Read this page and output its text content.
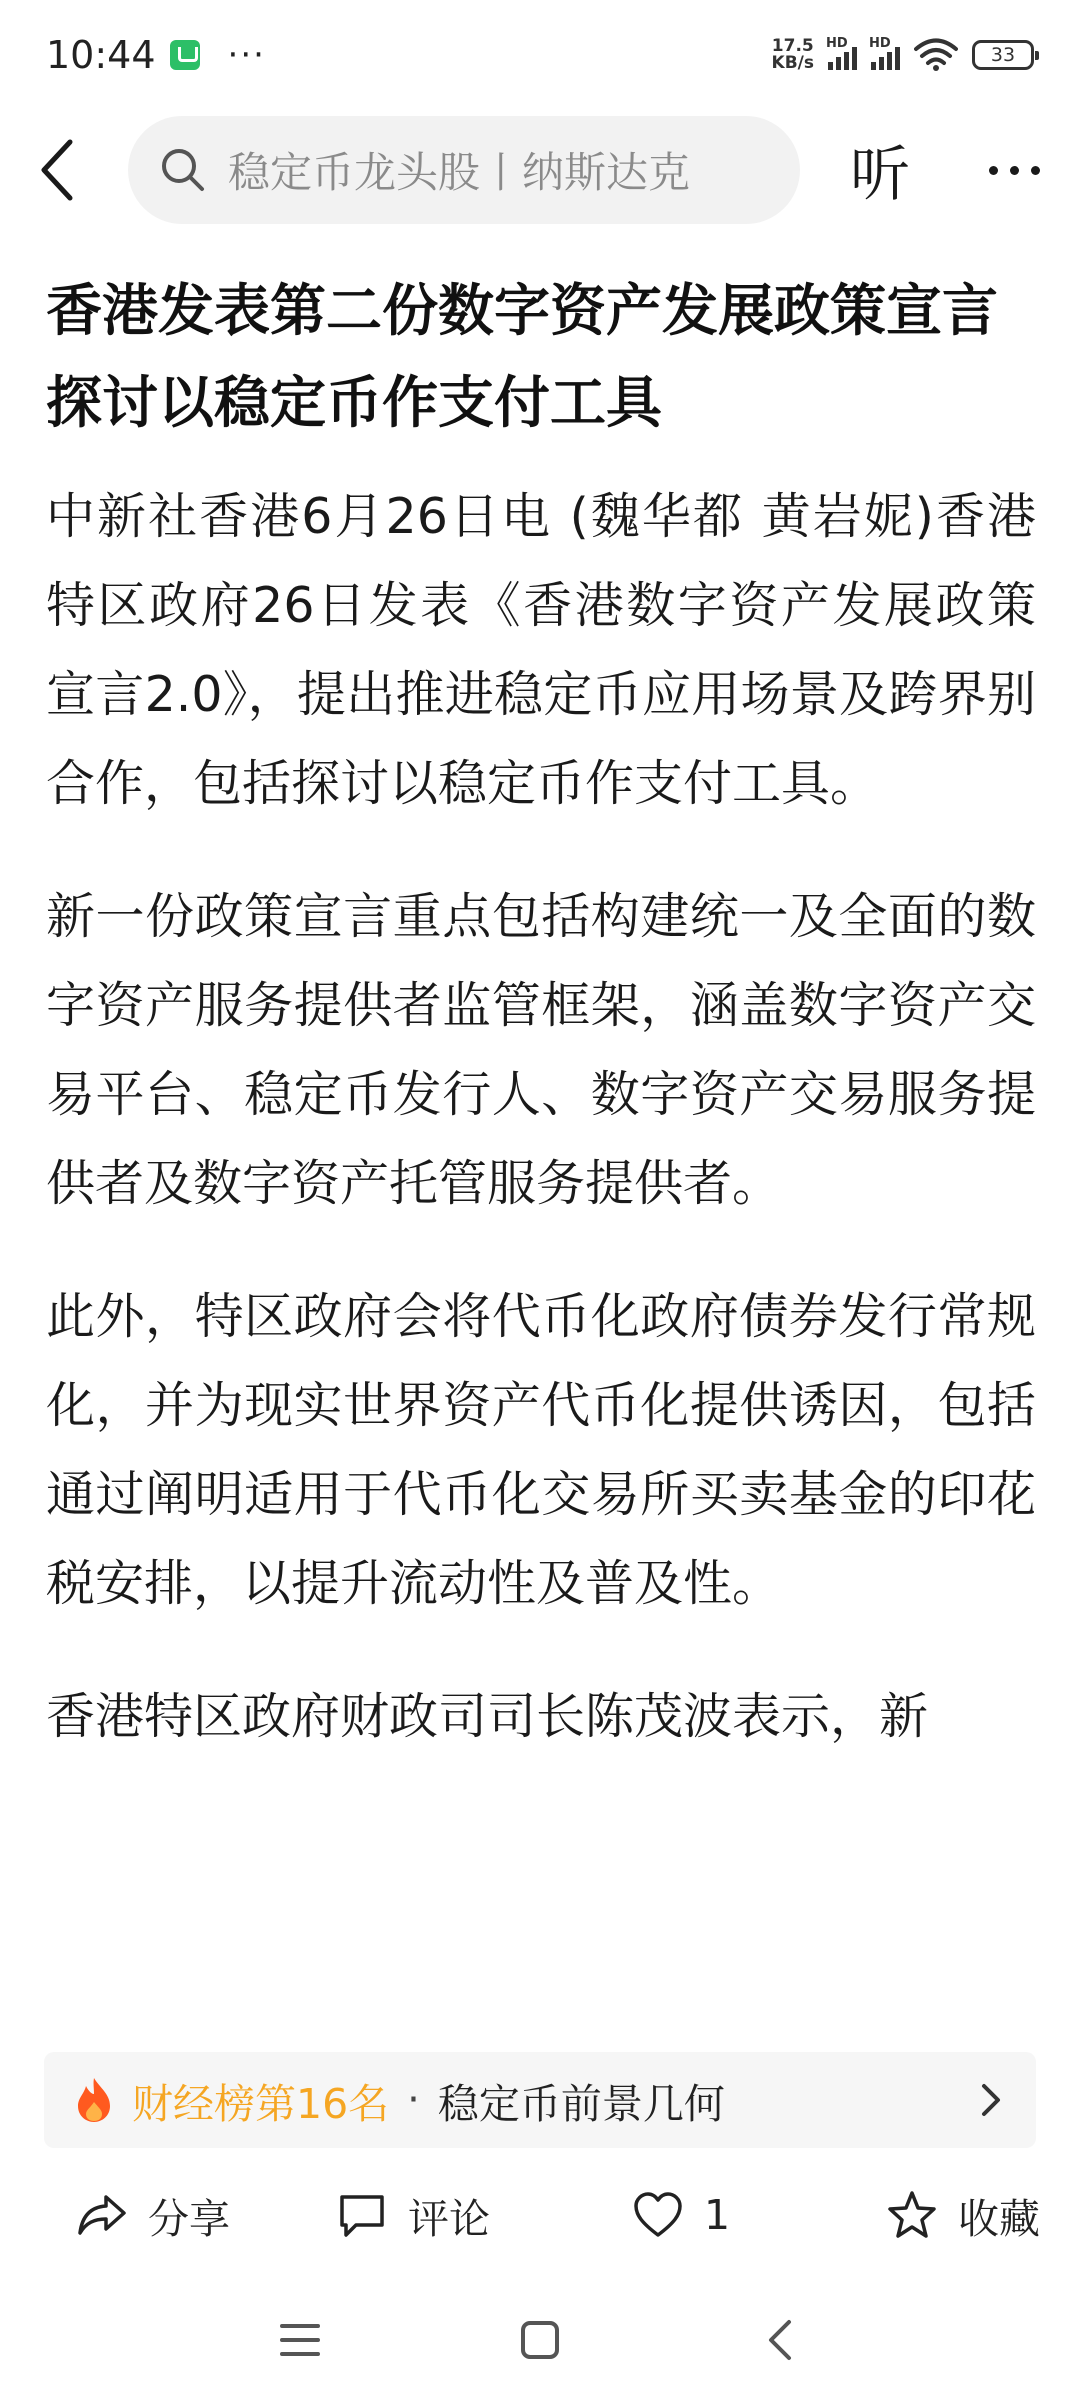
10:44 ···	17.5
KB/s
HD HD
33
稳定币龙头股丨纳斯达克	听
香港发表第二份数字资产发展政策宣言 探讨以稳定币作支付工具

中新社香港6月26日电 (魏华都 黄岩妮)香港特区政府26日发表《香港数字资产发展政策宣言2.0》，提出推进稳定币应用场景及跨界别合作，包括探讨以稳定币作支付工具。

新一份政策宣言重点包括构建统一及全面的数字资产服务提供者监管框架，涵盖数字资产交易平台、稳定币发行人、数字资产交易服务提供者及数字资产托管服务提供者。

此外，特区政府会将代币化政府债券发行常规化，并为现实世界资产代币化提供诱因，包括通过阐明适用于代币化交易所买卖基金的印花税安排，以提升流动性及普及性。

香港特区政府财政司司长陈茂波表示，新

财经榜第16名 · 稳定币前景几何
分享	评论	1	收藏
